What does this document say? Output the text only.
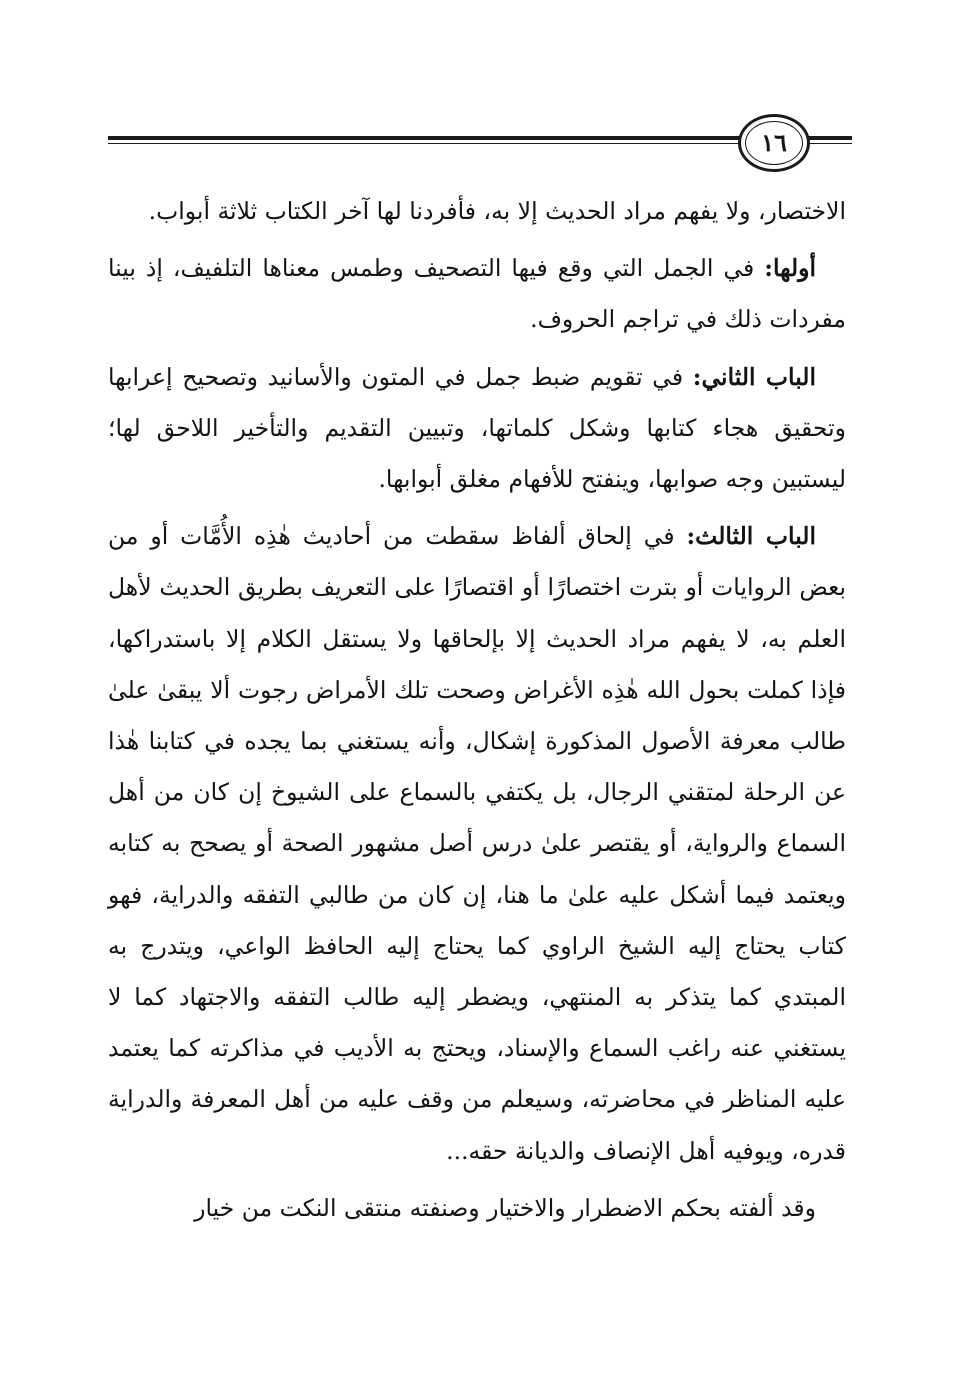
١٦

الاختصار، ولا يفهم مراد الحديث إلا به، فأفردنا لها آخر الكتاب ثلاثة أبواب.

أولها: في الجمل التي وقع فيها التصحيف وطمس معناها التلفيف، إذ بينا مفردات ذلك في تراجم الحروف.

الباب الثاني: في تقويم ضبط جمل في المتون والأسانيد وتصحيح إعرابها وتحقيق هجاء كتابها وشكل كلماتها، وتبيين التقديم والتأخير اللاحق لها؛ ليستبين وجه صوابها، وينفتح للأفهام مغلق أبوابها.

الباب الثالث: في إلحاق ألفاظ سقطت من أحاديث هٰذِه الأُمَّات أو من بعض الروايات أو بترت اختصارًا أو اقتصارًا على التعريف بطريق الحديث لأهل العلم به، لا يفهم مراد الحديث إلا بإلحاقها ولا يستقل الكلام إلا باستدراكها، فإذا كملت بحول الله هٰذِه الأغراض وصحت تلك الأمراض رجوت ألا يبقىٰ علىٰ طالب معرفة الأصول المذكورة إشكال، وأنه يستغني بما يجده في كتابنا هٰذا عن الرحلة لمتقني الرجال، بل يكتفي بالسماع على الشيوخ إن كان من أهل السماع والرواية، أو يقتصر علىٰ درس أصل مشهور الصحة أو يصحح به كتابه ويعتمد فيما أشكل عليه علىٰ ما هنا، إن كان من طالبي التفقه والدراية، فهو كتاب يحتاج إليه الشيخ الراوي كما يحتاج إليه الحافظ الواعي، ويتدرج به المبتدي كما يتذكر به المنتهي، ويضطر إليه طالب التفقه والاجتهاد كما لا يستغني عنه راغب السماع والإسناد، ويحتج به الأديب في مذاكرته كما يعتمد عليه المناظر في محاضرته، وسيعلم من وقف عليه من أهل المعرفة والدراية قدره، ويوفيه أهل الإنصاف والديانة حقه...

وقد ألفته بحكم الاضطرار والاختيار وصنفته منتقى النكت من خيار
